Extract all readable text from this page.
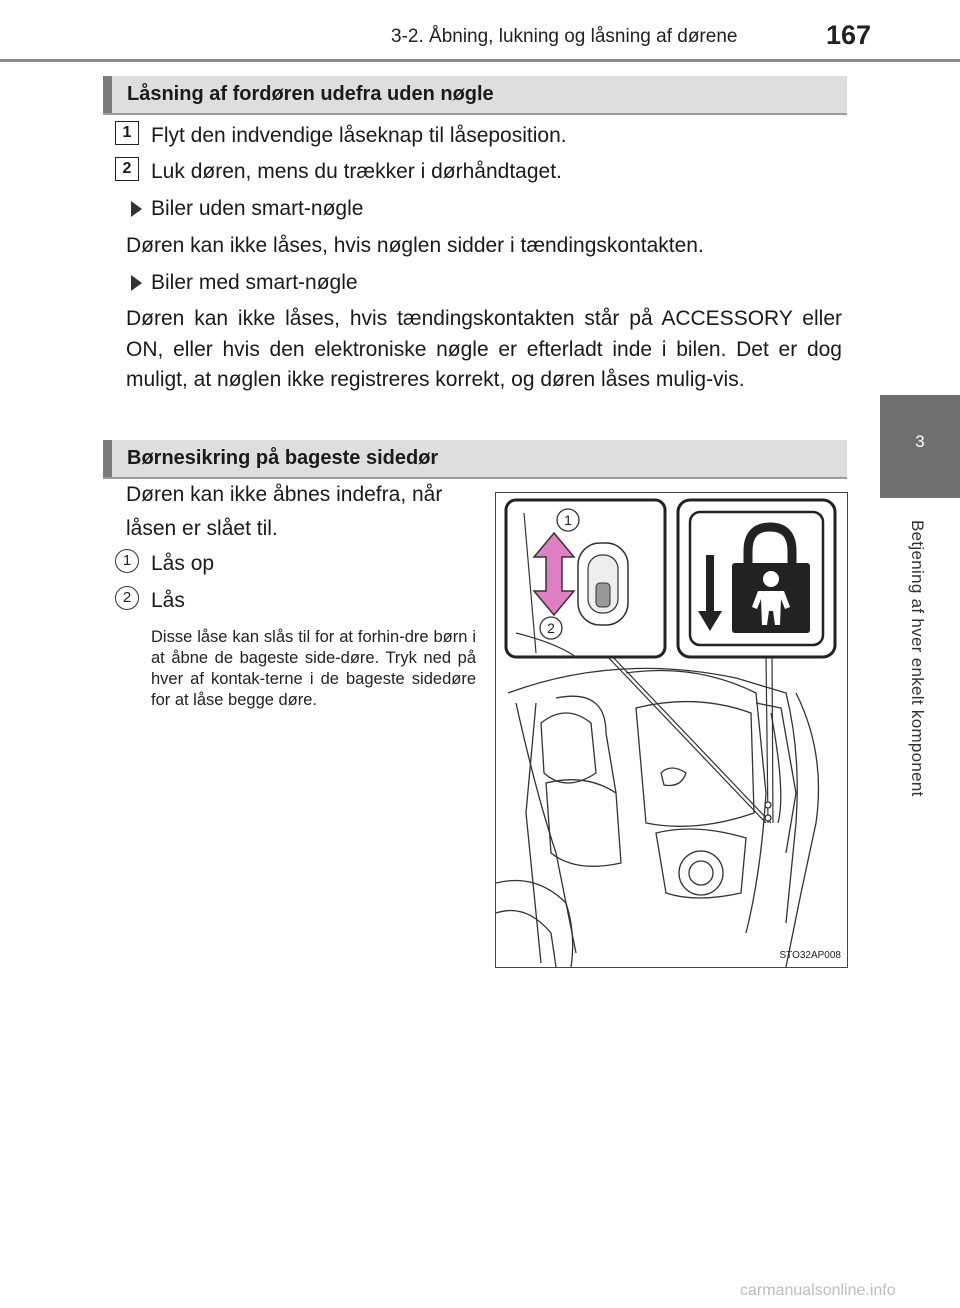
3-2. Åbning, lukning og låsning af dørene	167
3
Betjening af hver enkelt komponent
Låsning af fordøren udefra uden nøgle
1 Flyt den indvendige låseknap til låseposition.
2 Luk døren, mens du trækker i dørhåndtaget.
Biler uden smart-nøgle
Døren kan ikke låses, hvis nøglen sidder i tændingskontakten.
Biler med smart-nøgle
Døren kan ikke låses, hvis tændingskontakten står på ACCESSORY eller ON, eller hvis den elektroniske nøgle er efterladt inde i bilen. Det er dog muligt, at nøglen ikke registreres korrekt, og døren låses mulig-vis.
Børnesikring på bageste sidedør
Døren kan ikke åbnes indefra, når låsen er slået til.
1 Lås op
2 Lås
Disse låse kan slås til for at forhin-dre børn i at åbne de bageste side-døre. Tryk ned på hver af kontak-terne i de bageste sidedøre for at låse begge døre.
1
2
STO32AP008
carmanualsonline.info
